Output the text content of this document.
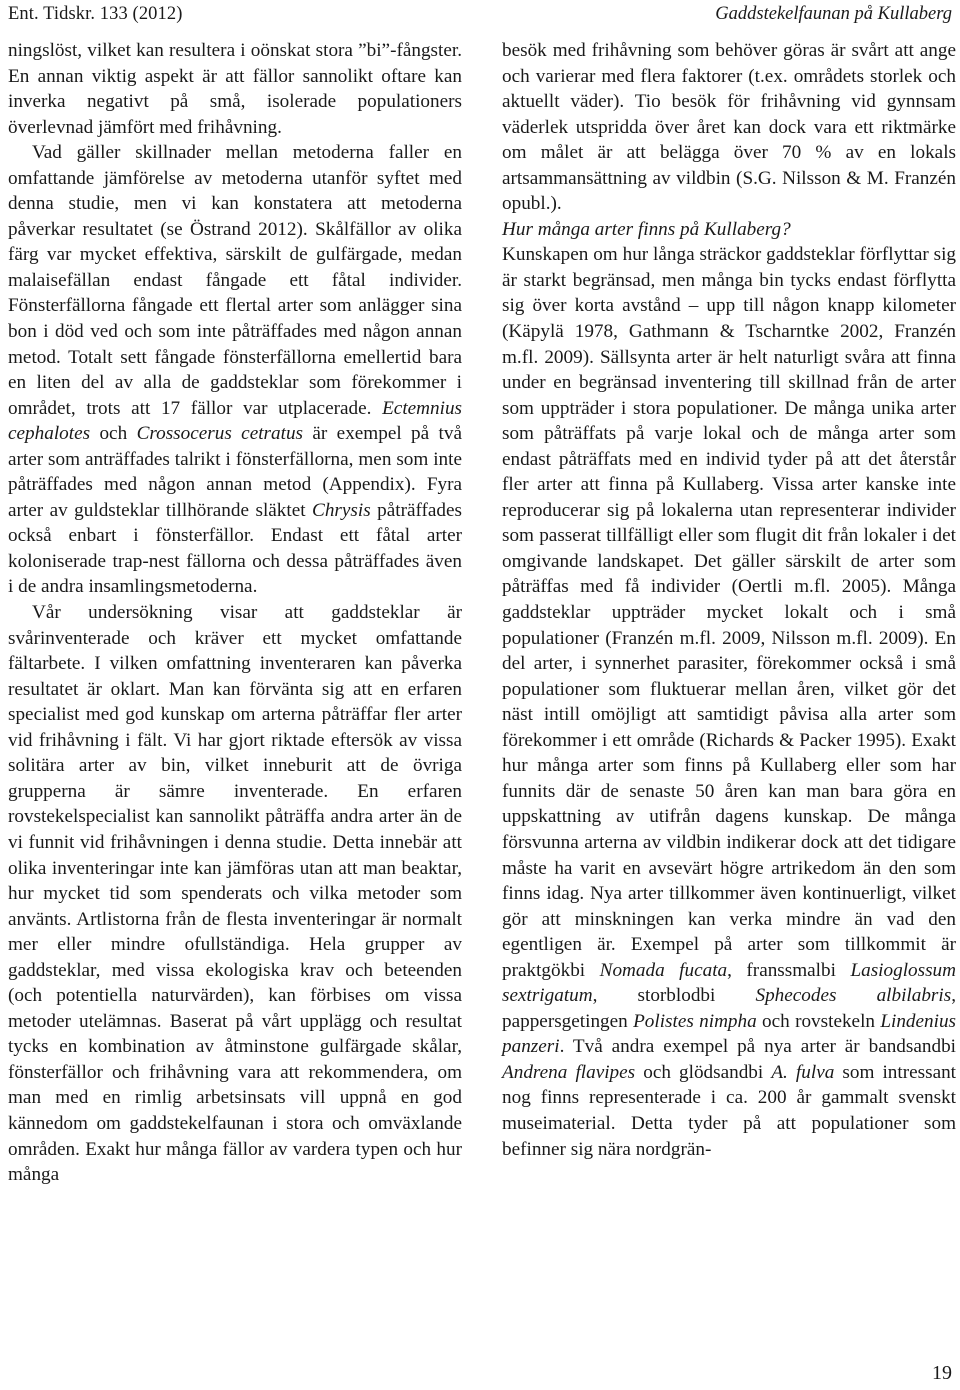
Ent. Tidskr. 133 (2012)	Gaddstekelfaunan på Kullaberg

ningslöst, vilket kan resultera i oönskat stora ”bi”-fångster. En annan viktig aspekt är att fällor sannolikt oftare kan inverka negativt på små, isolerade populationers överlevnad jämfört med frihåvning.

Vad gäller skillnader mellan metoderna faller en omfattande jämförelse av metoderna utanför syftet med denna studie, men vi kan konstatera att metoderna påverkar resultatet (se Östrand 2012). Skålfällor av olika färg var mycket effektiva, särskilt de gulfärgade, medan malaisefällan endast fångade ett fåtal individer. Fönsterfällorna fångade ett flertal arter som anlägger sina bon i död ved och som inte påträffades med någon annan metod. Totalt sett fångade fönsterfällorna emellertid bara en liten del av alla de gaddsteklar som förekommer i området, trots att 17 fällor var utplacerade. Ectemnius cephalotes och Crossocerus cetratus är exempel på två arter som anträffades talrikt i fönsterfällorna, men som inte påträffades med någon annan metod (Appendix). Fyra arter av guldsteklar tillhörande släktet Chrysis påträffades också enbart i fönsterfällor. Endast ett fåtal arter koloniserade trap-nest fällorna och dessa påträffades även i de andra insamlingsmetoderna.

Vår undersökning visar att gaddsteklar är svårinventerade och kräver ett mycket omfattande fältarbete. I vilken omfattning inventeraren kan påverka resultatet är oklart. Man kan förvänta sig att en erfaren specialist med god kunskap om arterna påträffar fler arter vid frihåvning i fält. Vi har gjort riktade eftersök av vissa solitära arter av bin, vilket inneburit att de övriga grupperna är sämre inventerade. En erfaren rovstekelspecialist kan sannolikt påträffa andra arter än de vi funnit vid frihåvningen i denna studie. Detta innebär att olika inventeringar inte kan jämföras utan att man beaktar, hur mycket tid som spenderats och vilka metoder som använts. Artlistorna från de flesta inventeringar är normalt mer eller mindre ofullständiga. Hela grupper av gaddsteklar, med vissa ekologiska krav och beteenden (och potentiella naturvärden), kan förbises om vissa metoder utelämnas. Baserat på vårt upplägg och resultat tycks en kombination av åtminstone gulfärgade skålar, fönsterfällor och frihåvning vara att rekommendera, om man med en rimlig arbetsinsats vill uppnå en god kännedom om gaddstekelfaunan i stora och omväxlande områden. Exakt hur många fällor av vardera typen och hur många

besök med frihåvning som behöver göras är svårt att ange och varierar med flera faktorer (t.ex. områdets storlek och aktuellt väder). Tio besök för frihåvning vid gynnsam väderlek utspridda över året kan dock vara ett riktmärke om målet är att belägga över 70 % av en lokals artsammansättning av vildbin (S.G. Nilsson & M. Franzén opubl.).

Hur många arter finns på Kullaberg?

Kunskapen om hur långa sträckor gaddsteklar förflyttar sig är starkt begränsad, men många bin tycks endast förflytta sig över korta avstånd – upp till någon knapp kilometer (Käpylä 1978, Gathmann & Tscharntke 2002, Franzén m.fl. 2009). Sällsynta arter är helt naturligt svåra att finna under en begränsad inventering till skillnad från de arter som uppträder i stora populationer. De många unika arter som påträffats på varje lokal och de många arter som endast påträffats med en individ tyder på att det återstår fler arter att finna på Kullaberg. Vissa arter kanske inte reproducerar sig på lokalerna utan representerar individer som passerat tillfälligt eller som flugit dit från lokaler i det omgivande landskapet. Det gäller särskilt de arter som påträffas med få individer (Oertli m.fl. 2005). Många gaddsteklar uppträder mycket lokalt och i små populationer (Franzén m.fl. 2009, Nilsson m.fl. 2009). En del arter, i synnerhet parasiter, förekommer också i små populationer som fluktuerar mellan åren, vilket gör det näst intill omöjligt att samtidigt påvisa alla arter som förekommer i ett område (Richards & Packer 1995). Exakt hur många arter som finns på Kullaberg eller som har funnits där de senaste 50 åren kan man bara göra en uppskattning av utifrån dagens kunskap. De många försvunna arterna av vildbin indikerar dock att det tidigare måste ha varit en avsevärt högre artrikedom än den som finns idag. Nya arter tillkommer även kontinuerligt, vilket gör att minskningen kan verka mindre än vad den egentligen är. Exempel på arter som tillkommit är praktgökbi Nomada fucata, franssmalbi Lasioglossum sextrigatum, storblodbi Sphecodes albilabris, pappersgetingen Polistes nimpha och rovstekeln Lindenius panzeri. Två andra exempel på nya arter är bandsandbi Andrena flavipes och glödsandbi A. fulva som intressant nog finns representerade i ca. 200 år gammalt svenskt museimaterial. Detta tyder på att populationer som befinner sig nära nordgrän-

19
